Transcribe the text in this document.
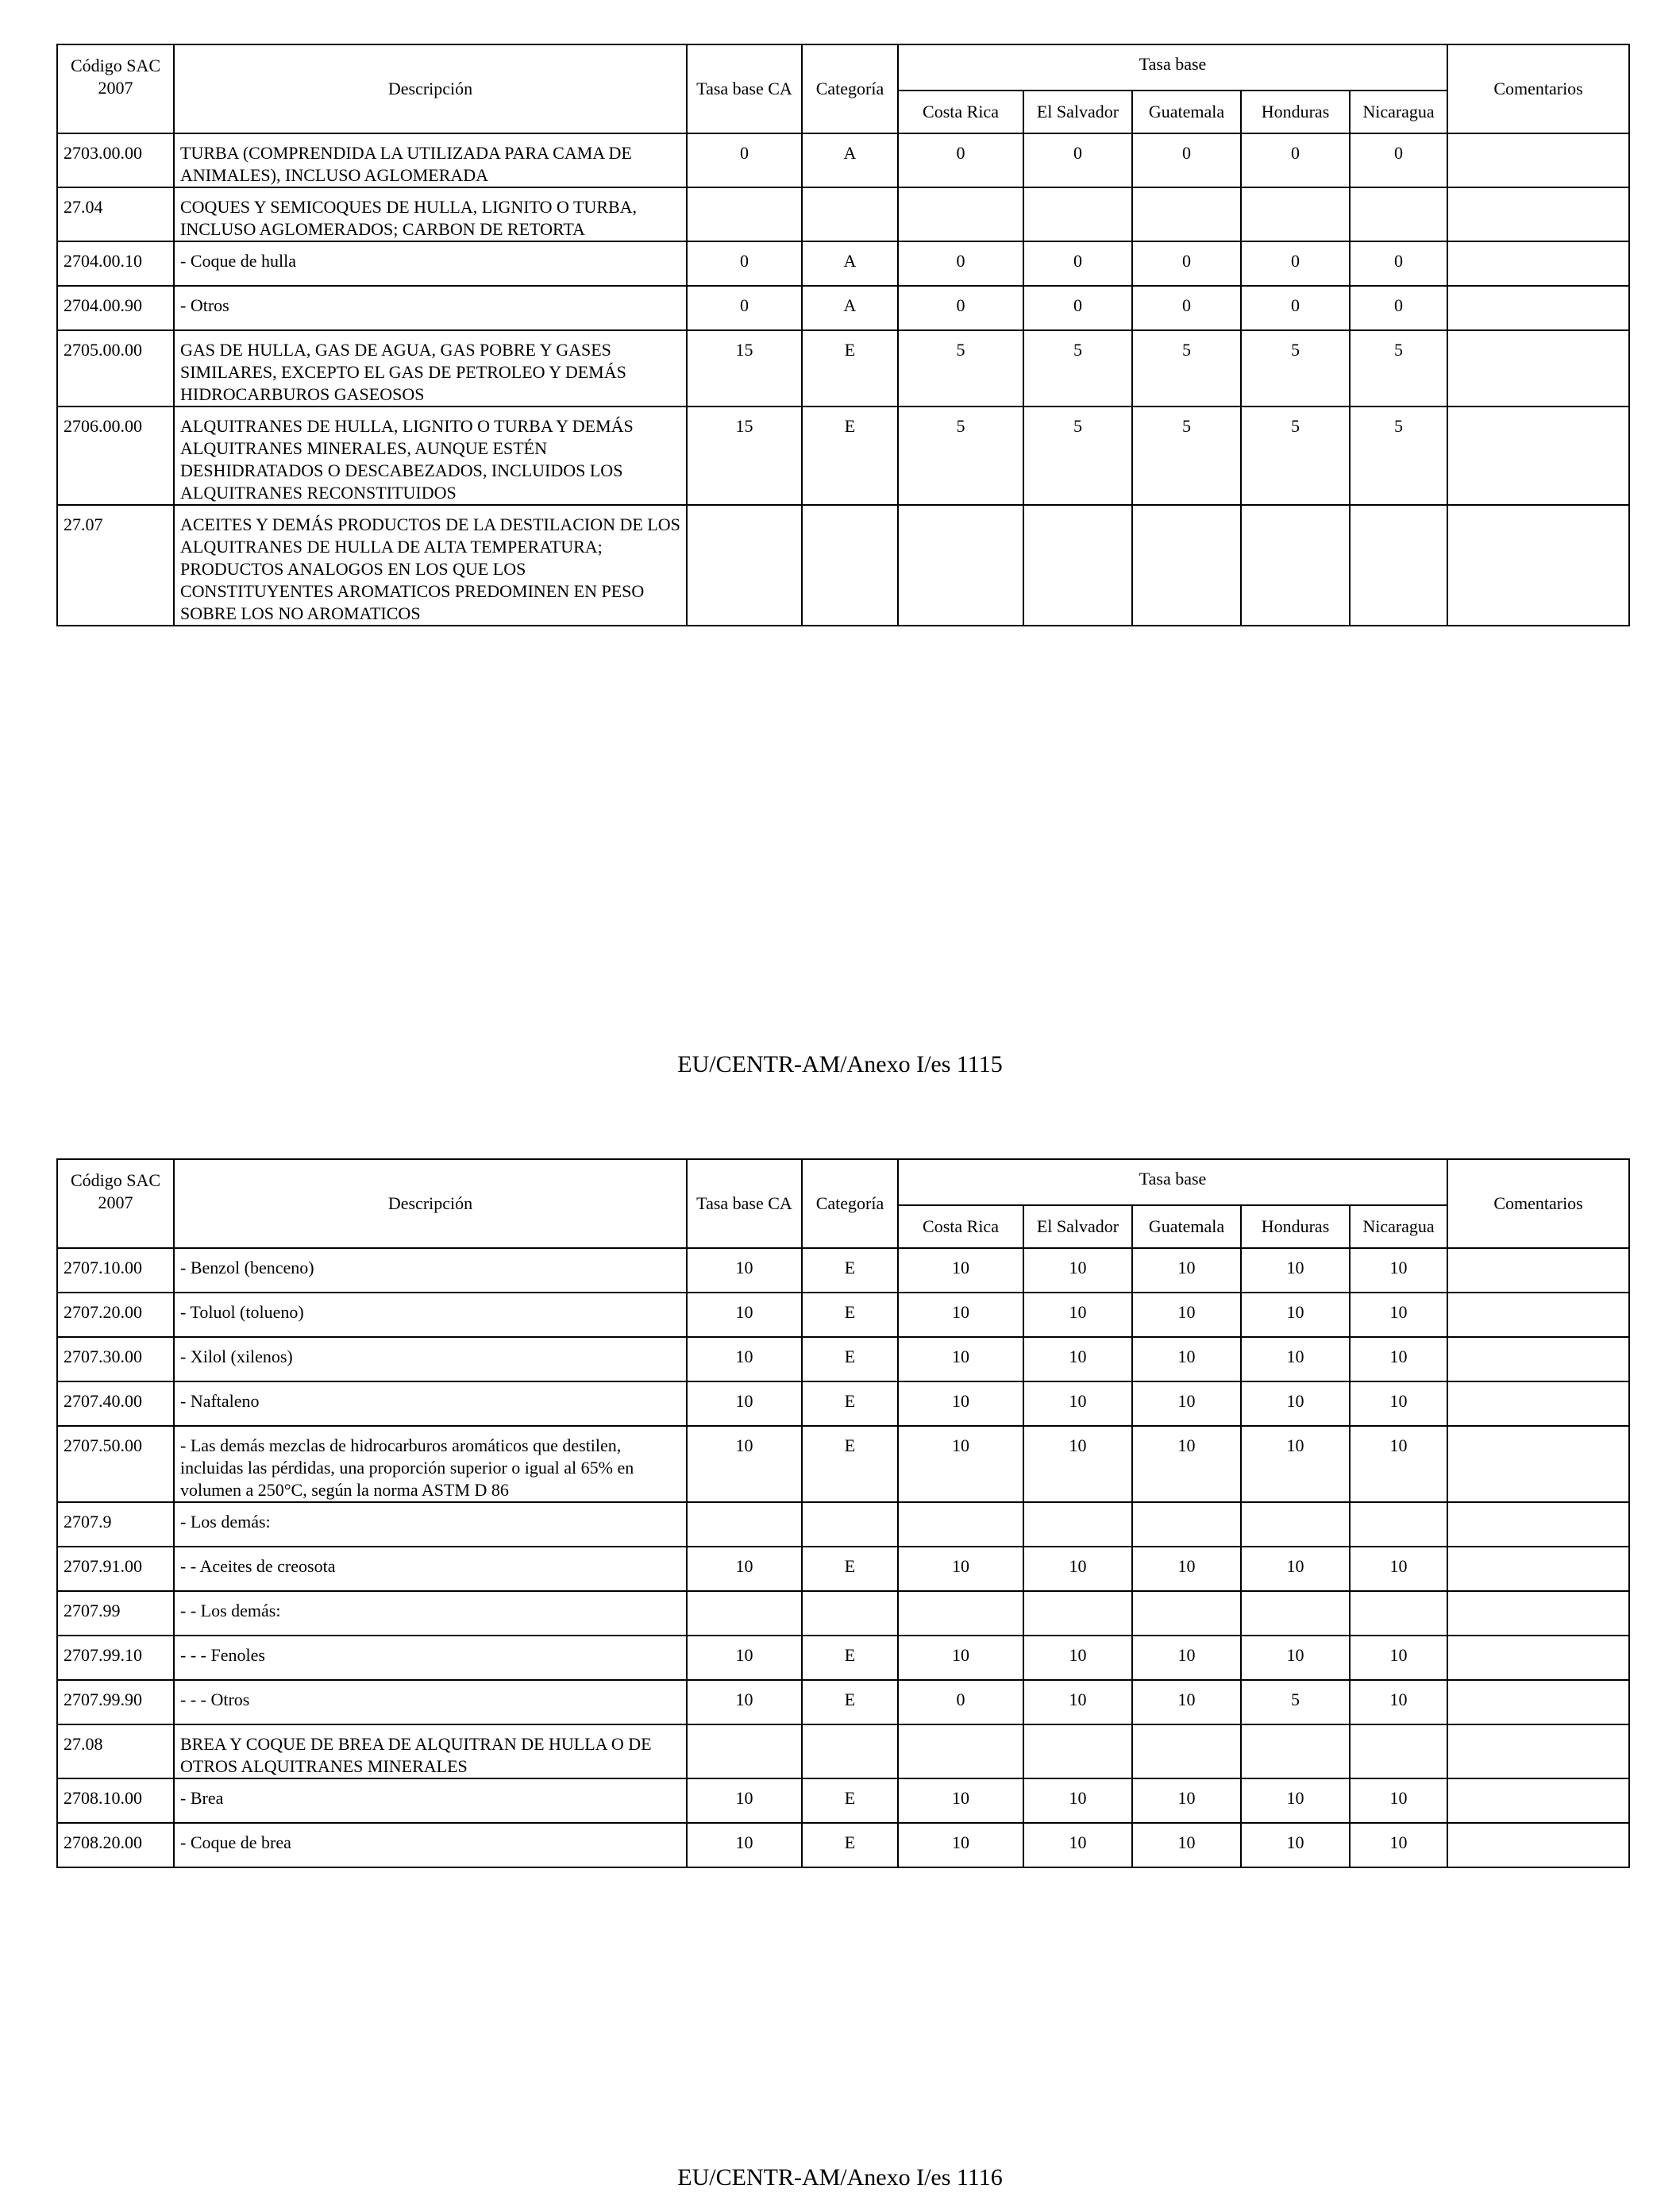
Código SAC 2007	Descripción	Tasa base CA	Categoría	Tasa base					Comentarios
				Costa Rica	El Salvador	Guatemala	Honduras	Nicaragua	
2703.00.00	TURBA (COMPRENDIDA LA UTILIZADA PARA CAMA DE ANIMALES), INCLUSO AGLOMERADA	0	A	0	0	0	0	0	
27.04	COQUES Y SEMICOQUES DE HULLA, LIGNITO O TURBA, INCLUSO AGLOMERADOS; CARBON DE RETORTA								
2704.00.10	- Coque de hulla	0	A	0	0	0	0	0	
2704.00.90	- Otros	0	A	0	0	0	0	0	
2705.00.00	GAS DE HULLA, GAS DE AGUA, GAS POBRE Y GASES SIMILARES, EXCEPTO EL GAS DE PETROLEO Y DEMÁS HIDROCARBUROS GASEOSOS	15	E	5	5	5	5	5	
2706.00.00	ALQUITRANES DE HULLA, LIGNITO O TURBA Y DEMÁS ALQUITRANES MINERALES, AUNQUE ESTÉN DESHIDRATADOS O DESCABEZADOS, INCLUIDOS LOS ALQUITRANES RECONSTITUIDOS	15	E	5	5	5	5	5	
27.07	ACEITES Y DEMÁS PRODUCTOS DE LA DESTILACION DE LOS ALQUITRANES DE HULLA DE ALTA TEMPERATURA; PRODUCTOS ANALOGOS EN LOS QUE LOS CONSTITUYENTES AROMATICOS PREDOMINEN EN PESO SOBRE LOS NO AROMATICOS								
EU/CENTR-AM/Anexo I/es 1115
Código SAC 2007	Descripción	Tasa base CA	Categoría	Tasa base					Comentarios
				Costa Rica	El Salvador	Guatemala	Honduras	Nicaragua	
2707.10.00	- Benzol (benceno)	10	E	10	10	10	10	10	
2707.20.00	- Toluol (tolueno)	10	E	10	10	10	10	10	
2707.30.00	- Xilol (xilenos)	10	E	10	10	10	10	10	
2707.40.00	- Naftaleno	10	E	10	10	10	10	10	
2707.50.00	- Las demás mezclas de hidrocarburos aromáticos que destilen, incluidas las pérdidas, una proporción superior o igual al 65% en volumen a 250°C, según la norma ASTM D 86	10	E	10	10	10	10	10	
2707.9	- Los demás:								
2707.91.00	- - Aceites de creosota	10	E	10	10	10	10	10	
2707.99	- - Los demás:								
2707.99.10	- - - Fenoles	10	E	10	10	10	10	10	
2707.99.90	- - - Otros	10	E	0	10	10	5	10	
27.08	BREA Y COQUE DE BREA DE ALQUITRAN DE HULLA O DE OTROS ALQUITRANES MINERALES								
2708.10.00	- Brea	10	E	10	10	10	10	10	
2708.20.00	- Coque de brea	10	E	10	10	10	10	10	
EU/CENTR-AM/Anexo I/es 1116
